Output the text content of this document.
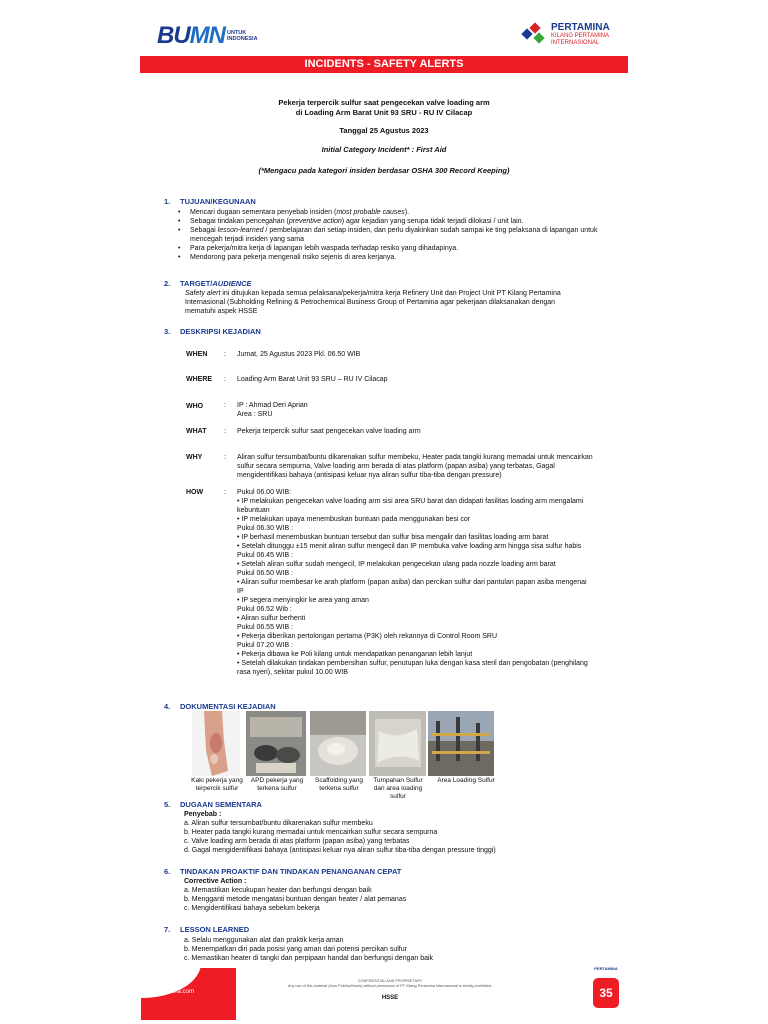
BUMN UNTUK
INDONESIA
PERTAMINA
KILANG PERTAMINA
INTERNASIONAL
INCIDENTS - SAFETY ALERTS
Pekerja terpercik sulfur saat pengecekan valve loading arm
di Loading Arm Barat Unit 93 SRU - RU IV Cilacap
Tanggal 25 Agustus 2023
Initial Category Incident* : First Aid
(*Mengacu pada kategori insiden berdasar OSHA 300 Record Keeping)
1. TUJUAN/KEGUNAAN
• Mencari dugaan sementara penyebab insiden (most probable causes).
• Sebagai tindakan pencegahan (preventive action) agar kejadian yang serupa tidak terjadi dilokasi / unit lain.
• Sebagai lesson-learned / pembelajaran dari setiap insiden, dan perlu diyakinkan sudah sampai ke ting pelaksana di lapangan untuk mencegah terjadi insiden yang sama
• Para pekerja/mitra kerja di lapangan lebih waspada terhadap resiko yang dihadapinya.
• Mendorong para pekerja mengenali risiko sejenis di area kerjanya.
2. TARGET/AUDIENCE
Safety alert ini ditujukan kepada semua pelaksana/pekerja/mitra kerja Refinery Unit dan Project Unit PT Kilang Pertamina
Internasional (Subholding Refining & Petrochemical Business Group of Pertamina agar pekerjaan dilaksanakan dengan
mematuhi aspek HSSE
3. DESKRIPSI KEJADIAN
WHEN	: Jumat, 25 Agustus 2023 Pkl. 06.50 WIB
WHERE	: Loading Arm Barat Unit 93 SRU – RU IV Cilacap
WHO	: IP : Ahmad Deri Aprian
Area : SRU
WHAT	: Pekerja terpercik sulfur saat pengecekan valve loading arm
WHY	: Aliran sulfur tersumbat/buntu dikarenakan sulfur membeku, Heater pada tangki kurang memadai untuk mencairkan
sulfur secara sempurna, Valve loading arm berada di atas platform (papan asiba) yang terbatas, Gagal
mengidentifikasi bahaya (antisipasi keluar nya aliran sulfur tiba-tiba dengan pressure)
HOW	: Pukul 06.00 WIB:
• IP melakukan pengecekan valve loading arm sisi area SRU barat dan didapati fasilitas loading arm mengalami
kebuntuan
• IP melakukan upaya menembuskan buntuan pada menggunakan besi cor
Pukul 06.30 WIB :
• IP berhasil menembuskan buntuan tersebut dan sulfur bisa mengalir dari fasilitas loading arm barat
• Setelah ditunggu ±15 menit aliran sulfur mengecil dan IP membuka valve loading arm hingga sisa sulfur habis
Pukul 06.45 WIB :
• Setelah aliran sulfur sudah mengecil, IP melakukan pengecekan ulang pada nozzle loading arm barat
Pukul 06.50 WIB :
• Aliran sulfur membesar ke arah platform (papan asiba) dan percikan sulfur dari pantulan papan asiba mengenai
IP
• IP segera menyingkir ke area yang aman
Pukul 06.52 Wib :
• Aliran sulfur berhenti
Pukul 06.55 WIB :
• Pekerja diberikan pertolongan pertama (P3K) oleh rekannya di Control Room SRU
Pukul 07.20 WIB :
• Pekerja dibawa ke Poli kilang untuk mendapatkan penanganan lebih lanjut
• Setelah dilakukan tindakan pembersihan sulfur, penutupan luka dengan kasa steril dan pengobatan (penghilang
rasa nyeri), sekitar pukul 10.00 WIB
4. DOKUMENTASI KEJADIAN
Kaki pekerja yang terpercik sulfur
APD pekerja yang terkena sulfur
Scaffolding yang terkena sulfur
Tumpahan Sulfur dari area loading sulfur
Area Loading Sulfur
5. DUGAAN SEMENTARA
Penyebab :
a. Aliran sulfur tersumbat/buntu dikarenakan sulfur membeku
b. Heater pada tangki kurang memadai untuk mencairkan sulfur secara sempurna
c. Valve loading arm berada di atas platform (papan asiba) yang terbatas
d. Gagal mengidentifikasi bahaya (antisipasi keluar nya aliran sulfur tiba-tiba dengan pressure tinggi)
6. TINDAKAN PROAKTIF DAN TINDAKAN PENANGANAN CEPAT
Corrective Action :
a. Memastikan kecukupan heater dan berfungsi dengan baik
b. Mengganti metode mengatasi buntuan dengan heater / alat pemanas
c. Mengidentifikasi bahaya sebelum bekerja
7. LESSON LEARNED
a. Selalu menggunakan alat dan praktik kerja aman
b. Menempatkan diri pada posisi yang aman dari potensi percikan sulfur
c. Memastikan heater di tangki dan perpipaan handal dan berfungsi dengan baik
kpi.pertamina.com
CONFIDENTIAL AND PROPRIETARY
Any use of this material (from Publics/Holds) without permission of PT Kilang Pertamina Internasional is strictly prohibited.
HSSE
PERTAMINA
35
